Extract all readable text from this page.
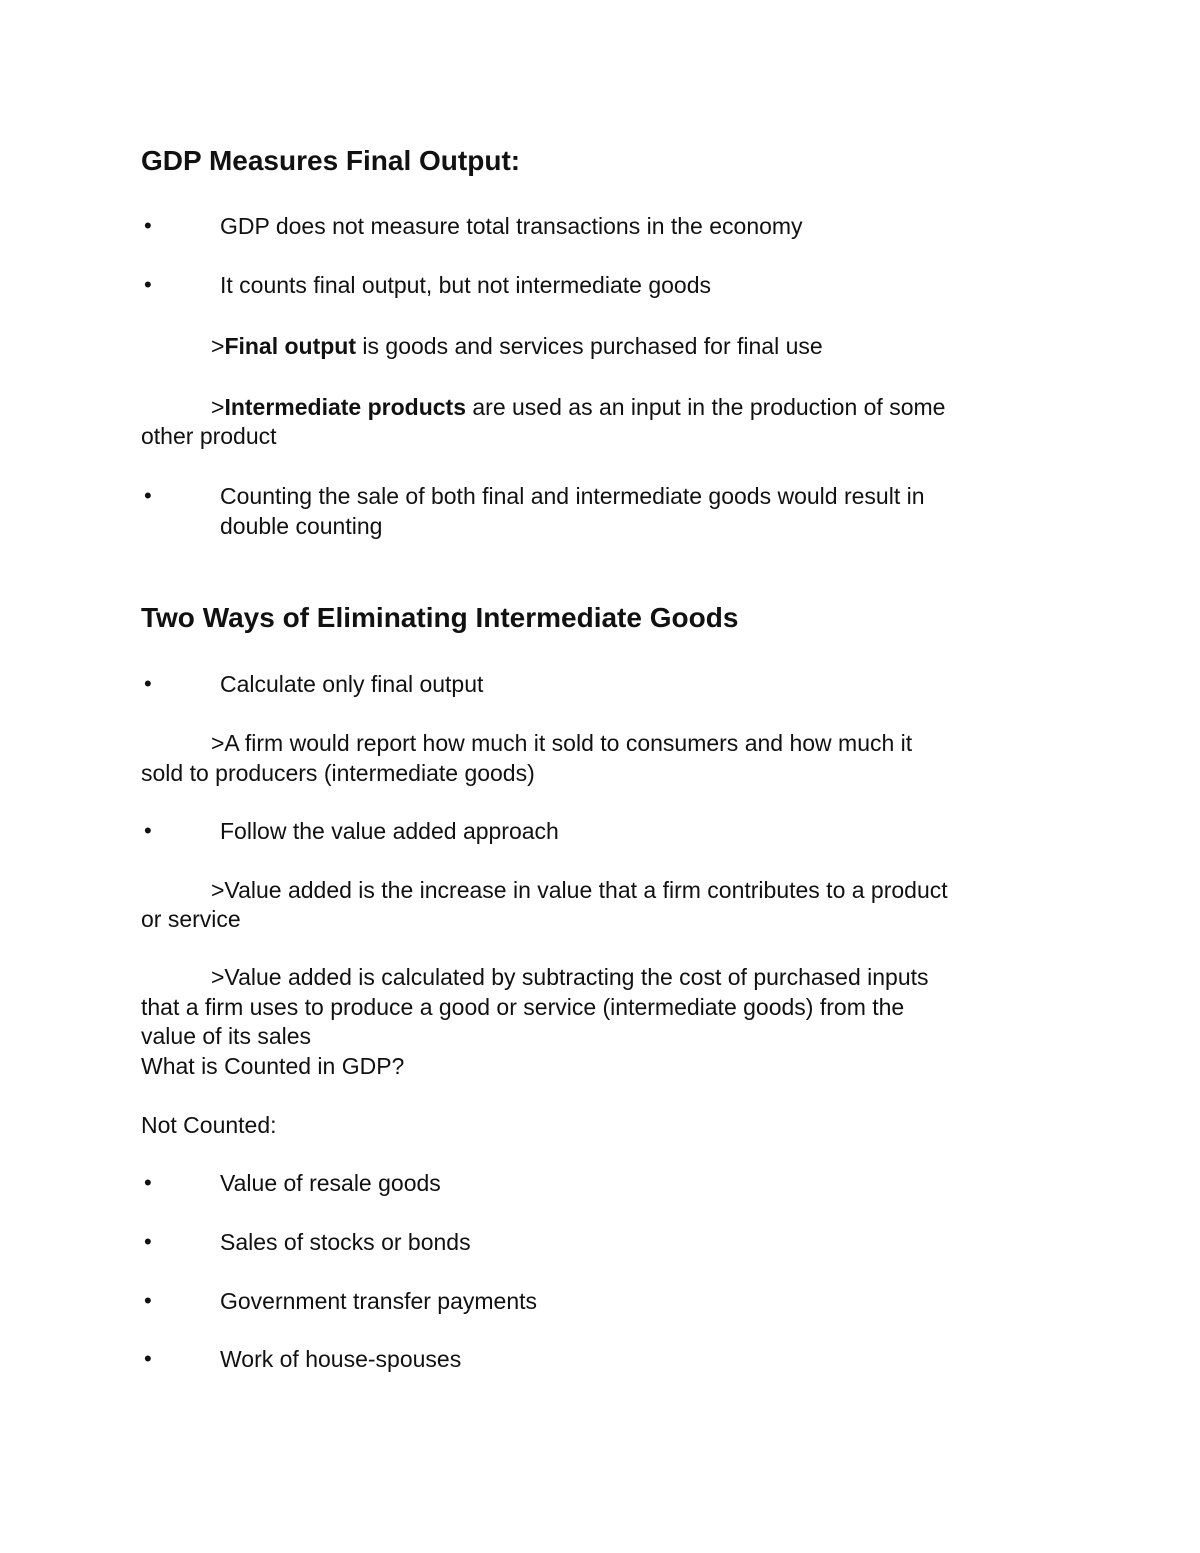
GDP Measures Final Output:
•	GDP does not measure total transactions in the economy
•	It counts final output, but not intermediate goods
>Final output is goods and services purchased for final use
>Intermediate products are used as an input in the production of some
other product
•	Counting the sale of both final and intermediate goods would result in
double counting
Two Ways of Eliminating Intermediate Goods
•	Calculate only final output
>A firm would report how much it sold to consumers and how much it
sold to producers (intermediate goods)
•	Follow the value added approach
>Value added is the increase in value that a firm contributes to a product
or service
>Value added is calculated by subtracting the cost of purchased inputs
that a firm uses to produce a good or service (intermediate goods) from the
value of its sales
What is Counted in GDP?
Not Counted:
•	Value of resale goods
•	Sales of stocks or bonds
•	Government transfer payments
•	Work of house-spouses
